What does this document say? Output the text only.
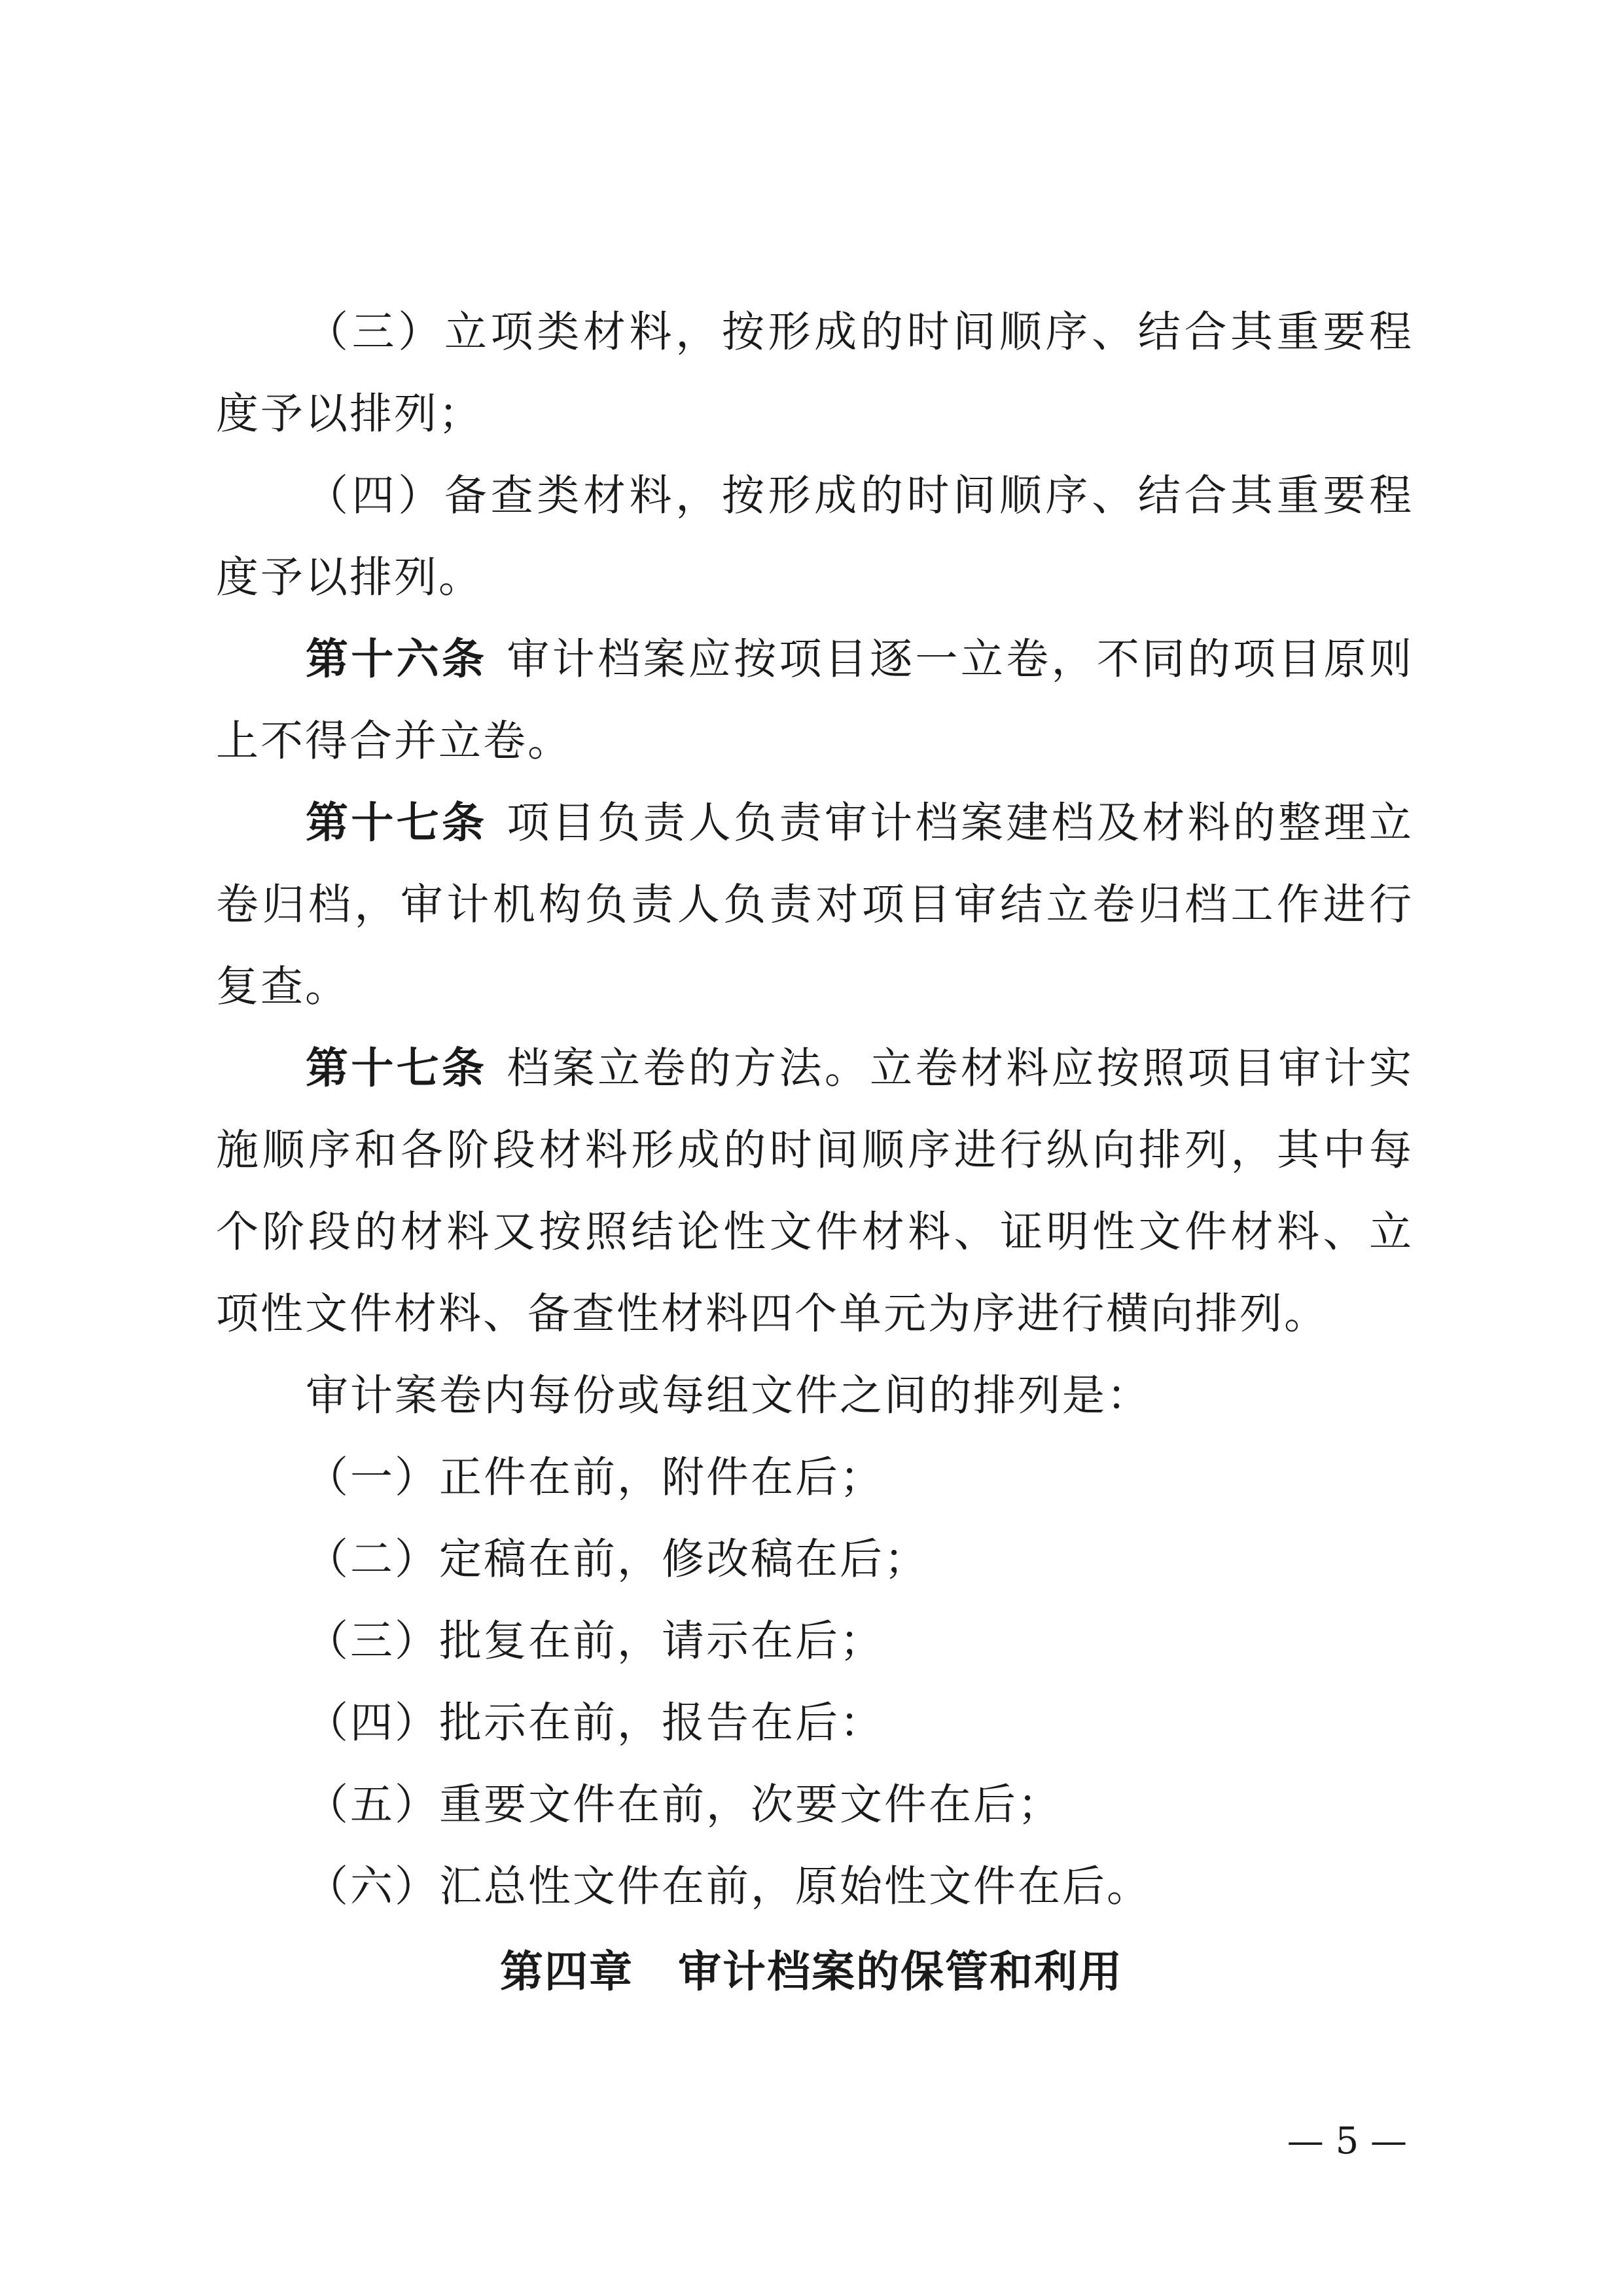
（三）立项类材料，按形成的时间顺序、结合其重要程度予以排列；

（四）备查类材料，按形成的时间顺序、结合其重要程度予以排列。

第十六条 审计档案应按项目逐一立卷，不同的项目原则上不得合并立卷。

第十七条 项目负责人负责审计档案建档及材料的整理立卷归档，审计机构负责人负责对项目审结立卷归档工作进行复查。

第十七条 档案立卷的方法。立卷材料应按照项目审计实施顺序和各阶段材料形成的时间顺序进行纵向排列，其中每个阶段的材料又按照结论性文件材料、证明性文件材料、立项性文件材料、备查性材料四个单元为序进行横向排列。

审计案卷内每份或每组文件之间的排列是：

（一）正件在前，附件在后；

（二）定稿在前，修改稿在后；

（三）批复在前，请示在后；

（四）批示在前，报告在后：

（五）重要文件在前，次要文件在后；

（六）汇总性文件在前，原始性文件在后。

第四章　审计档案的保管和利用
— 5 —
